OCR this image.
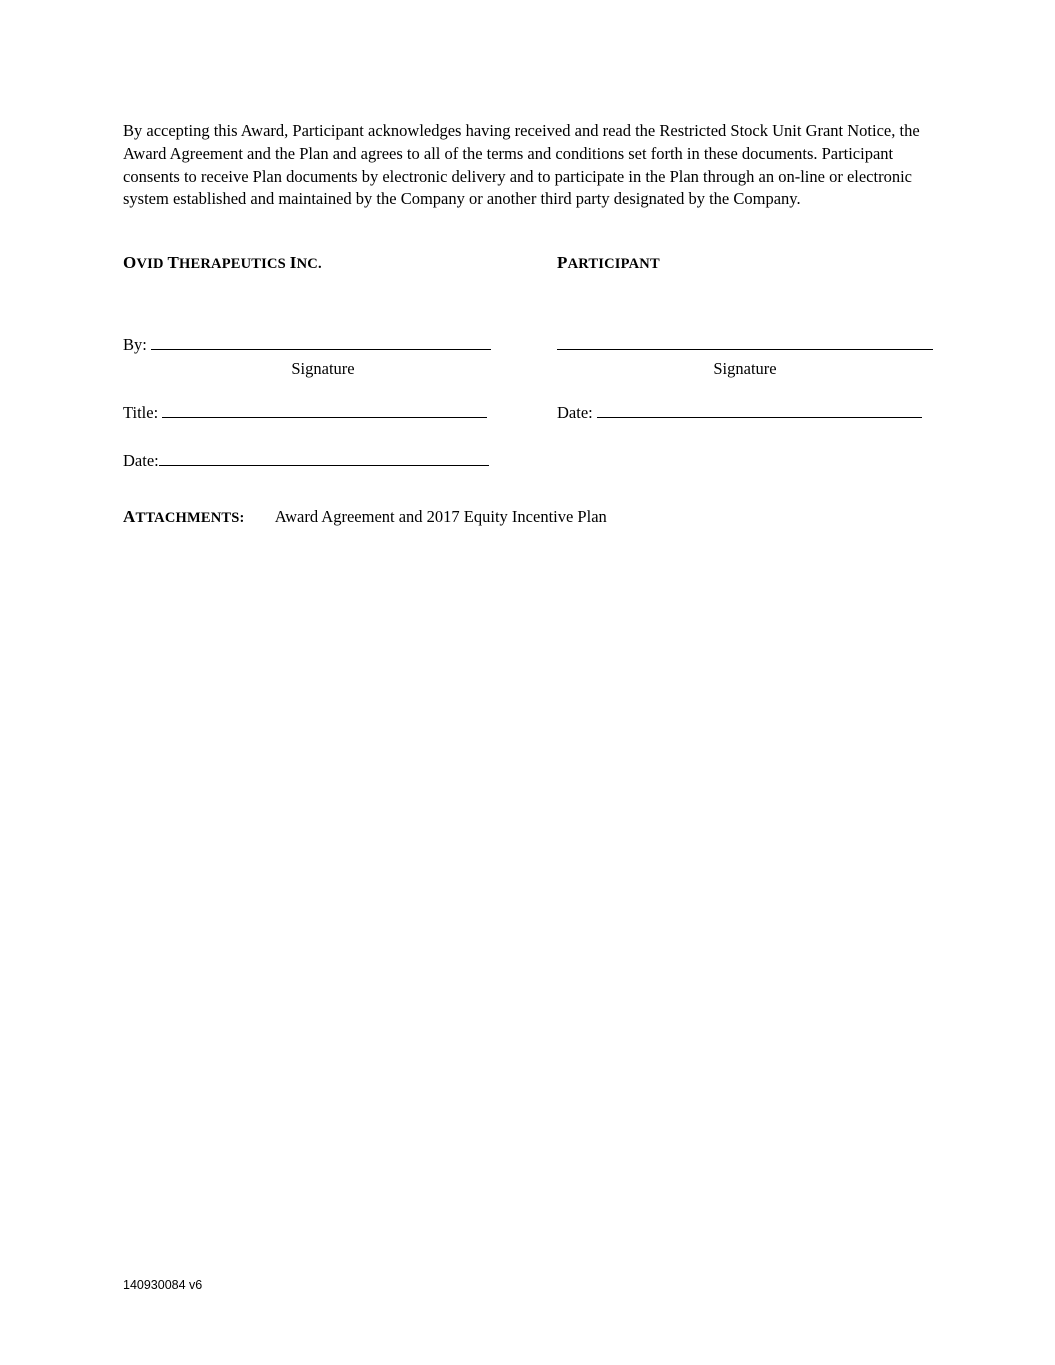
By accepting this Award, Participant acknowledges having received and read the Restricted Stock Unit Grant Notice, the Award Agreement and the Plan and agrees to all of the terms and conditions set forth in these documents. Participant consents to receive Plan documents by electronic delivery and to participate in the Plan through an on-line or electronic system established and maintained by the Company or another third party designated by the Company.

OVID THERAPEUTICS INC.	PARTICIPANT
By:
Signature	Signature
Title:	Date:
Date:
ATTACHMENTS: Award Agreement and 2017 Equity Incentive Plan
140930084 v6
